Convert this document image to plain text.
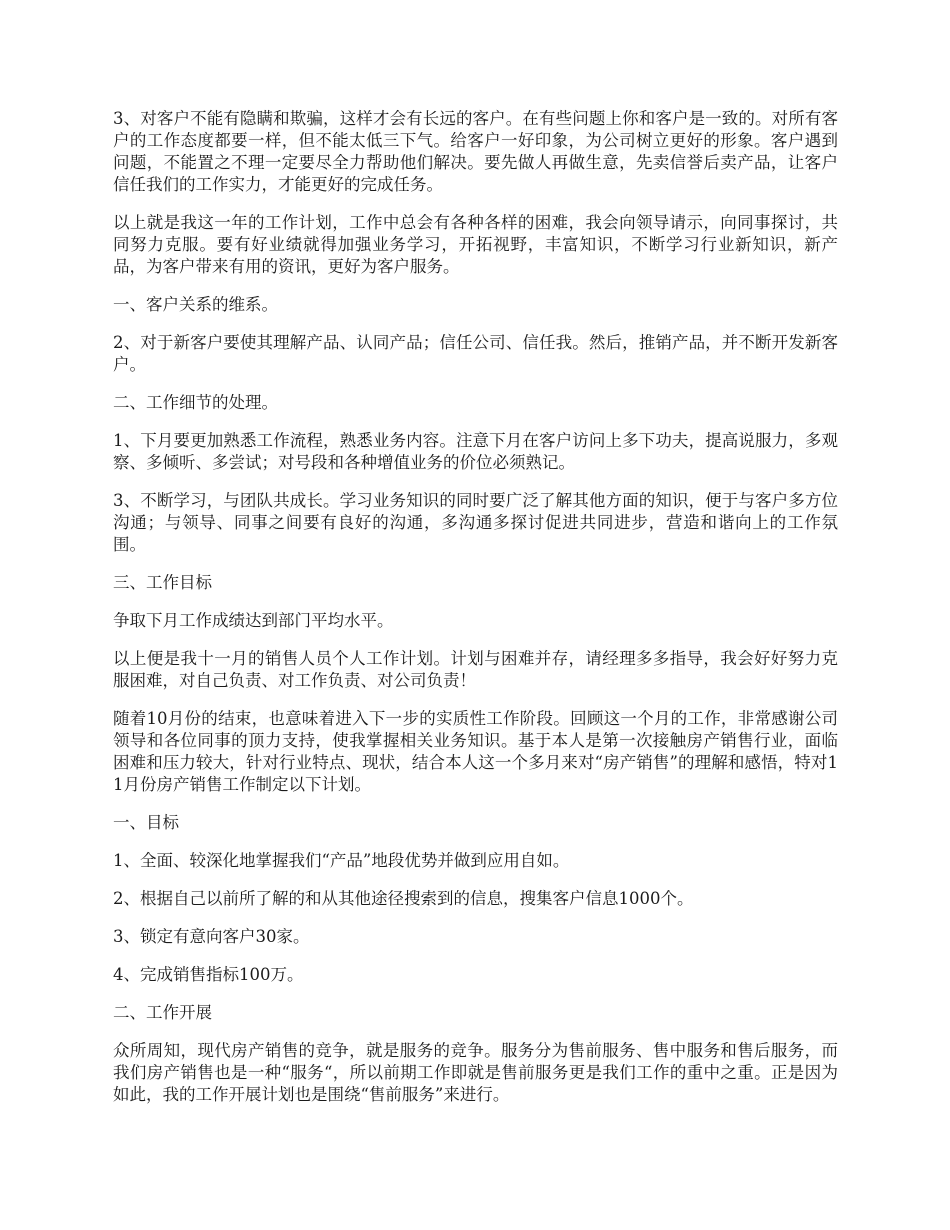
3、对客户不能有隐瞒和欺骗，这样才会有长远的客户。在有些问题上你和客户是一致的。对所有客户的工作态度都要一样，但不能太低三下气。给客户一好印象，为公司树立更好的形象。客户遇到问题，不能置之不理一定要尽全力帮助他们解决。要先做人再做生意，先卖信誉后卖产品，让客户信任我们的工作实力，才能更好的完成任务。

以上就是我这一年的工作计划，工作中总会有各种各样的困难，我会向领导请示，向同事探讨，共同努力克服。要有好业绩就得加强业务学习，开拓视野，丰富知识，不断学习行业新知识，新产品，为客户带来有用的资讯，更好为客户服务。

一、客户关系的维系。

2、对于新客户要使其理解产品、认同产品；信任公司、信任我。然后，推销产品，并不断开发新客户。

二、工作细节的处理。

1、下月要更加熟悉工作流程，熟悉业务内容。注意下月在客户访问上多下功夫，提高说服力，多观察、多倾听、多尝试；对号段和各种增值业务的价位必须熟记。

3、不断学习，与团队共成长。学习业务知识的同时要广泛了解其他方面的知识，便于与客户多方位沟通；与领导、同事之间要有良好的沟通，多沟通多探讨促进共同进步，营造和谐向上的工作氛围。

三、工作目标

争取下月工作成绩达到部门平均水平。

以上便是我十一月的销售人员个人工作计划。计划与困难并存，请经理多多指导，我会好好努力克服困难，对自己负责、对工作负责、对公司负责！

随着10月份的结束，也意味着进入下一步的实质性工作阶段。回顾这一个月的工作，非常感谢公司领导和各位同事的顶力支持，使我掌握相关业务知识。基于本人是第一次接触房产销售行业，面临困难和压力较大，针对行业特点、现状，结合本人这一个多月来对“房产销售”的理解和感悟，特对11月份房产销售工作制定以下计划。

一、目标

1、全面、较深化地掌握我们“产品”地段优势并做到应用自如。

2、根据自己以前所了解的和从其他途径搜索到的信息，搜集客户信息1000个。

3、锁定有意向客户30家。

4、完成销售指标100万。

二、工作开展

众所周知，现代房产销售的竞争，就是服务的竞争。服务分为售前服务、售中服务和售后服务，而我们房产销售也是一种“服务“，所以前期工作即就是售前服务更是我们工作的重中之重。正是因为如此，我的工作开展计划也是围绕“售前服务”来进行。
